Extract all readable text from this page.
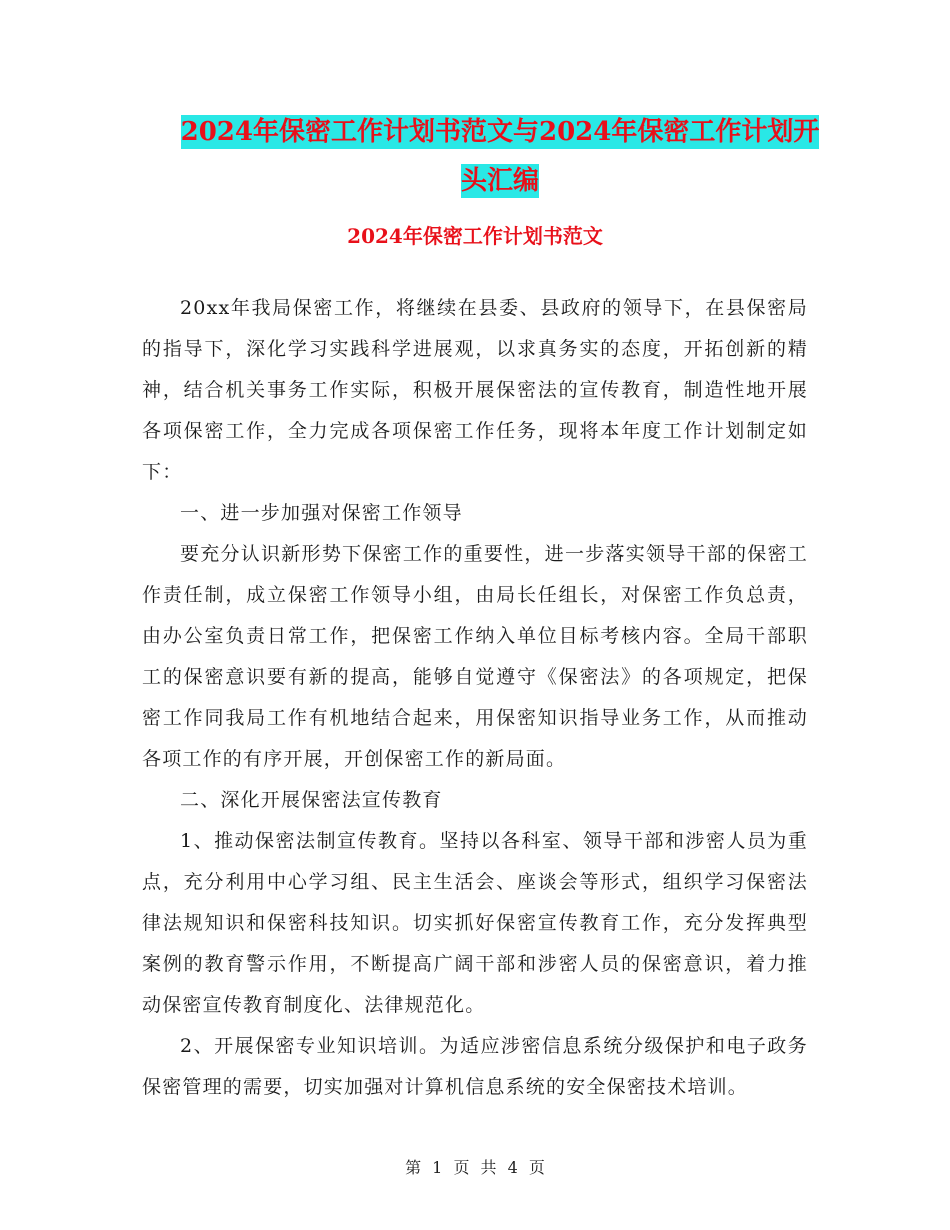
2024年保密工作计划书范文与2024年保密工作计划开
头汇编
2024年保密工作计划书范文

20xx年我局保密工作，将继续在县委、县政府的领导下，在县保密局的指导下，深化学习实践科学进展观，以求真务实的态度，开拓创新的精神，结合机关事务工作实际，积极开展保密法的宣传教育，制造性地开展各项保密工作，全力完成各项保密工作任务，现将本年度工作计划制定如下：

一、进一步加强对保密工作领导

要充分认识新形势下保密工作的重要性，进一步落实领导干部的保密工作责任制，成立保密工作领导小组，由局长任组长，对保密工作负总责，由办公室负责日常工作，把保密工作纳入单位目标考核内容。全局干部职工的保密意识要有新的提高，能够自觉遵守《保密法》的各项规定，把保密工作同我局工作有机地结合起来，用保密知识指导业务工作，从而推动各项工作的有序开展，开创保密工作的新局面。

二、深化开展保密法宣传教育

1、推动保密法制宣传教育。坚持以各科室、领导干部和涉密人员为重点，充分利用中心学习组、民主生活会、座谈会等形式，组织学习保密法律法规知识和保密科技知识。切实抓好保密宣传教育工作，充分发挥典型案例的教育警示作用，不断提高广阔干部和涉密人员的保密意识，着力推动保密宣传教育制度化、法律规范化。

2、开展保密专业知识培训。为适应涉密信息系统分级保护和电子政务保密管理的需要，切实加强对计算机信息系统的安全保密技术培训。

第 1 页 共 4 页
